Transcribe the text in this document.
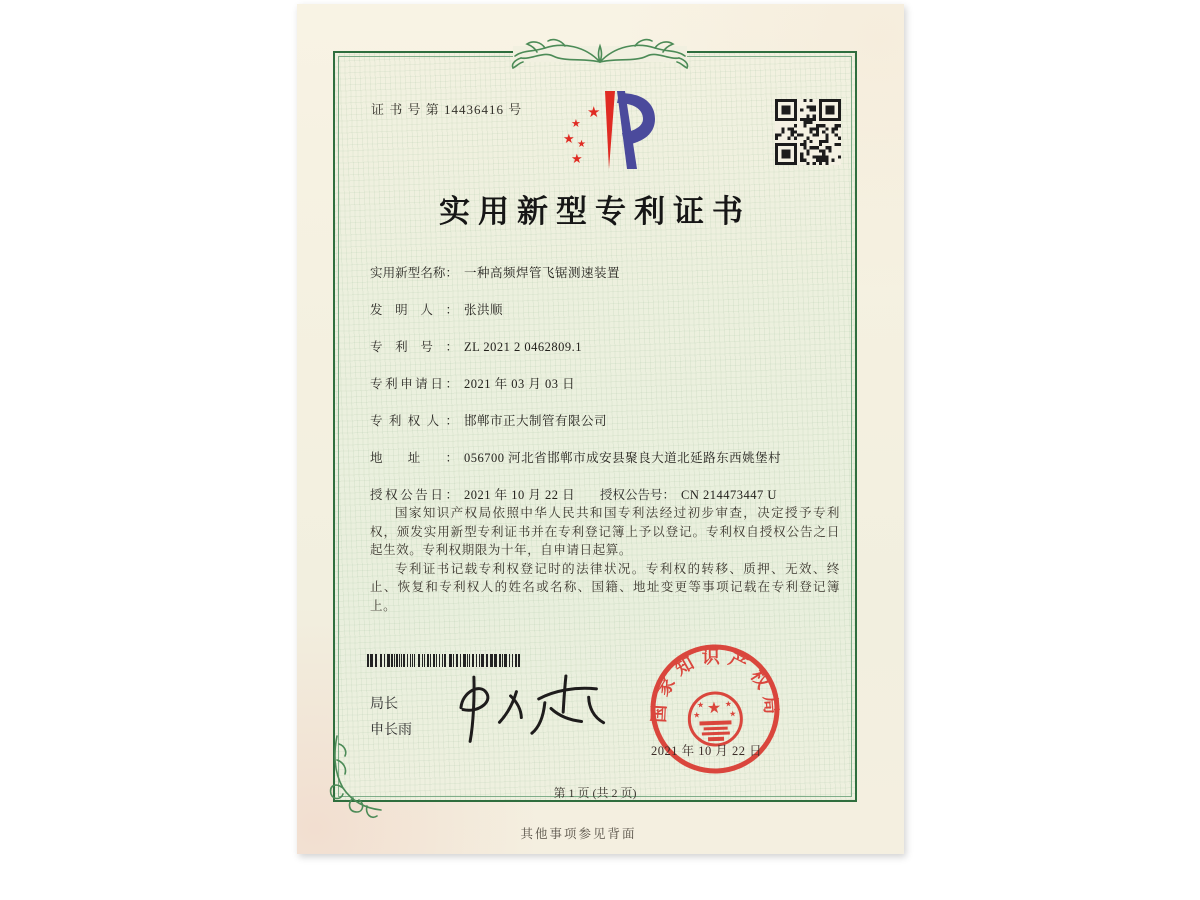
证 书 号 第 14436416 号	★
★
★ ★
★
实用新型专利证书
实用新型名称： 一种高频焊管飞锯测速装置
发明人： 张洪顺
专利号： ZL 2021 2 0462809.1
专利申请日： 2021 年 03 月 03 日
专利权人： 邯郸市正大制管有限公司
地址： 056700 河北省邯郸市成安县聚良大道北延路东西姚堡村
授权公告日： 2021 年 10 月 22 日 授权公告号： CN 214473447 U

国家知识产权局依照中华人民共和国专利法经过初步审查，决定授予专利权，颁发实用新型专利证书并在专利登记簿上予以登记。专利权自授权公告之日起生效。专利权期限为十年，自申请日起算。

专利证书记载专利权登记时的法律状况。专利权的转移、质押、无效、终止、恢复和专利权人的姓名或名称、国籍、地址变更等事项记载在专利登记簿上。

局长
申长雨
国家知识产权局
★
★	★
★	★
2021 年 10 月 22 日
第 1 页 (共 2 页)
其他事项参见背面
